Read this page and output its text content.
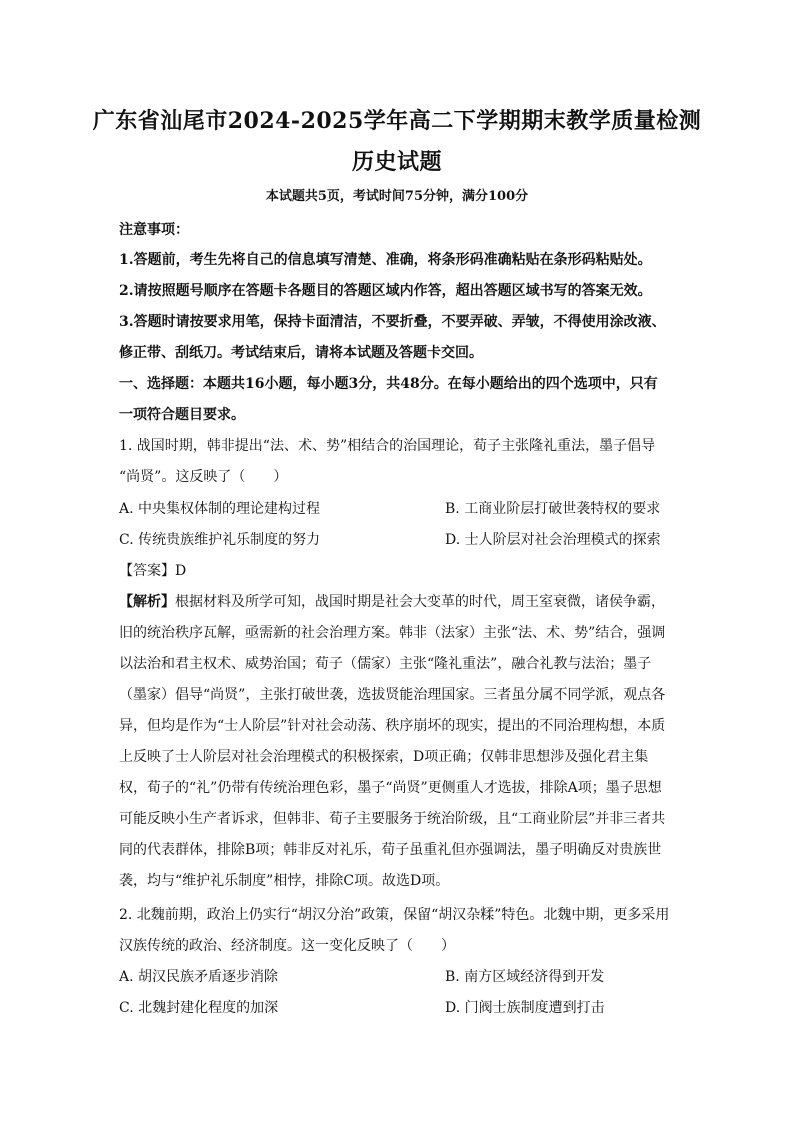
广东省汕尾市2024-2025学年高二下学期期末教学质量检测
历史试题
本试题共5页，考试时间75分钟，满分100分
注意事项：
1.答题前，考生先将自己的信息填写清楚、准确，将条形码准确粘贴在条形码粘贴处。
2.请按照题号顺序在答题卡各题目的答题区域内作答，超出答题区域书写的答案无效。
3.答题时请按要求用笔，保持卡面清洁，不要折叠，不要弄破、弄皱，不得使用涂改液、
修正带、刮纸刀。考试结束后，请将本试题及答题卡交回。
一、选择题：本题共16小题，每小题3分，共48分。在每小题给出的四个选项中，只有
一项符合题目要求。
1. 战国时期，韩非提出“法、术、势”相结合的治国理论，荀子主张隆礼重法，墨子倡导
“尚贤”。这反映了（　　）
A. 中央集权体制的理论建构过程	B. 工商业阶层打破世袭特权的要求
C. 传统贵族维护礼乐制度的努力	D. 士人阶层对社会治理模式的探索
【答案】D
【解析】根据材料及所学可知，战国时期是社会大变革的时代，周王室衰微，诸侯争霸，
旧的统治秩序瓦解，亟需新的社会治理方案。韩非（法家）主张“法、术、势”结合，强调
以法治和君主权术、威势治国；荀子（儒家）主张“隆礼重法”，融合礼教与法治；墨子
（墨家）倡导“尚贤”，主张打破世袭，选拔贤能治理国家。三者虽分属不同学派，观点各
异，但均是作为“士人阶层”针对社会动荡、秩序崩坏的现实，提出的不同治理构想，本质
上反映了士人阶层对社会治理模式的积极探索，D项正确；仅韩非思想涉及强化君主集
权，荀子的“礼”仍带有传统治理色彩，墨子“尚贤”更侧重人才选拔，排除A项；墨子思想
可能反映小生产者诉求，但韩非、荀子主要服务于统治阶级，且“工商业阶层”并非三者共
同的代表群体，排除B项；韩非反对礼乐，荀子虽重礼但亦强调法，墨子明确反对贵族世
袭，均与“维护礼乐制度”相悖，排除C项。故选D项。
2. 北魏前期，政治上仍实行“胡汉分治”政策，保留“胡汉杂糅”特色。北魏中期，更多采用
汉族传统的政治、经济制度。这一变化反映了（　　）
A. 胡汉民族矛盾逐步消除	B. 南方区域经济得到开发
C. 北魏封建化程度的加深	D. 门阀士族制度遭到打击
